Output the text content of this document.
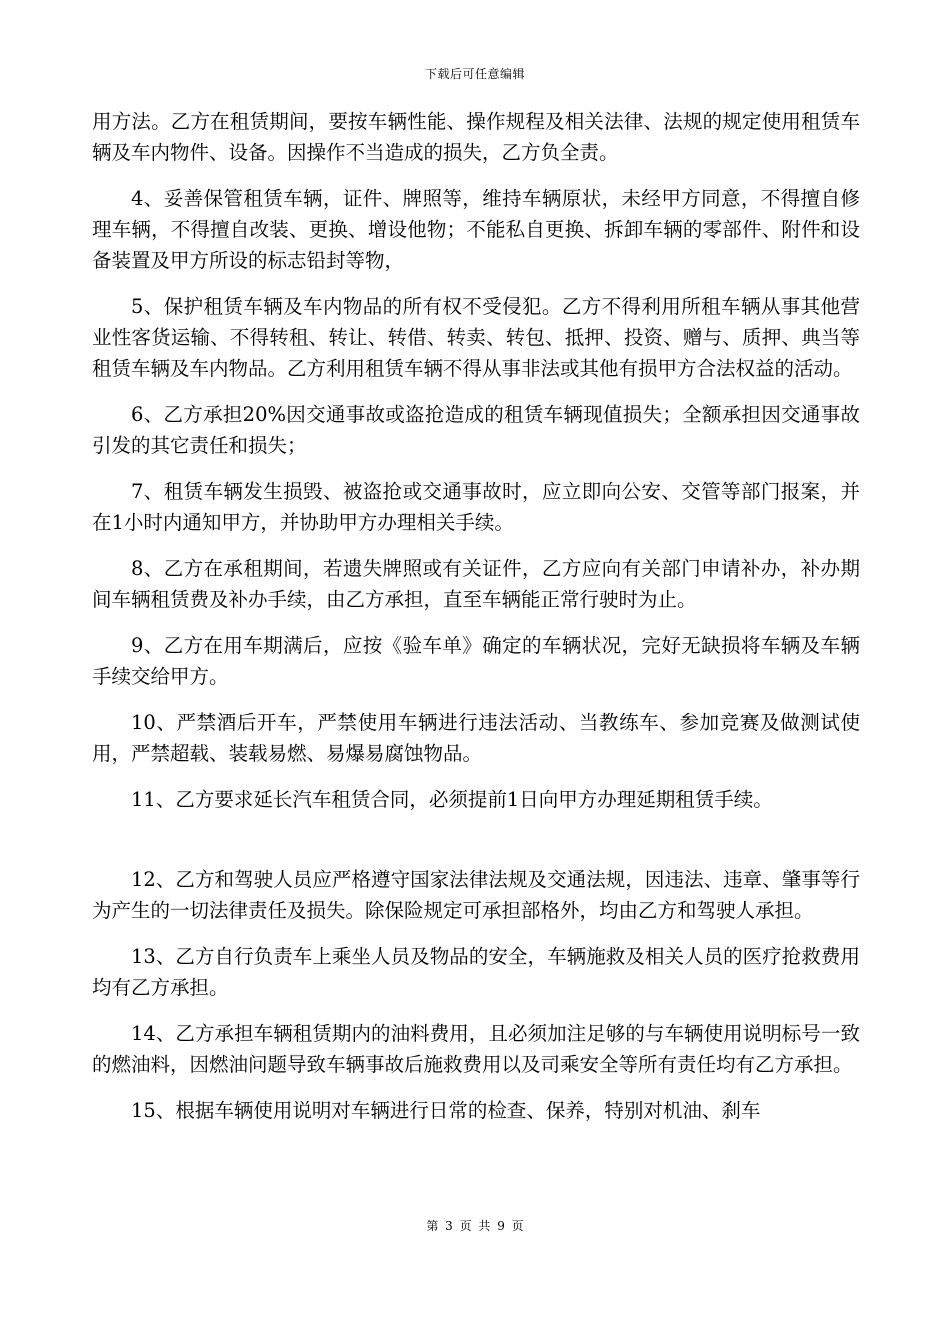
下载后可任意编辑

用方法。乙方在租赁期间，要按车辆性能、操作规程及相关法律、法规的规定使用租赁车辆及车内物件、设备。因操作不当造成的损失，乙方负全责。

4、妥善保管租赁车辆，证件、牌照等，维持车辆原状，未经甲方同意，不得擅自修理车辆，不得擅自改装、更换、增设他物；不能私自更换、拆卸车辆的零部件、附件和设备装置及甲方所设的标志铅封等物，

5、保护租赁车辆及车内物品的所有权不受侵犯。乙方不得利用所租车辆从事其他营业性客货运输、不得转租、转让、转借、转卖、转包、抵押、投资、赠与、质押、典当等租赁车辆及车内物品。乙方利用租赁车辆不得从事非法或其他有损甲方合法权益的活动。

6、乙方承担20%因交通事故或盗抢造成的租赁车辆现值损失；全额承担因交通事故引发的其它责任和损失；

7、租赁车辆发生损毁、被盗抢或交通事故时，应立即向公安、交管等部门报案，并在1小时内通知甲方，并协助甲方办理相关手续。

8、乙方在承租期间，若遗失牌照或有关证件，乙方应向有关部门申请补办，补办期间车辆租赁费及补办手续，由乙方承担，直至车辆能正常行驶时为止。

9、乙方在用车期满后，应按《验车单》确定的车辆状况，完好无缺损将车辆及车辆手续交给甲方。

10、严禁酒后开车，严禁使用车辆进行违法活动、当教练车、参加竞赛及做测试使用，严禁超载、装载易燃、易爆易腐蚀物品。

11、乙方要求延长汽车租赁合同，必须提前1日向甲方办理延期租赁手续。

12、乙方和驾驶人员应严格遵守国家法律法规及交通法规，因违法、违章、肇事等行为产生的一切法律责任及损失。除保险规定可承担部格外，均由乙方和驾驶人承担。

13、乙方自行负责车上乘坐人员及物品的安全，车辆施救及相关人员的医疗抢救费用均有乙方承担。

14、乙方承担车辆租赁期内的油料费用，且必须加注足够的与车辆使用说明标号一致的燃油料，因燃油问题导致车辆事故后施救费用以及司乘安全等所有责任均有乙方承担。

15、根据车辆使用说明对车辆进行日常的检查、保养，特别对机油、刹车

第 3 页 共 9 页
